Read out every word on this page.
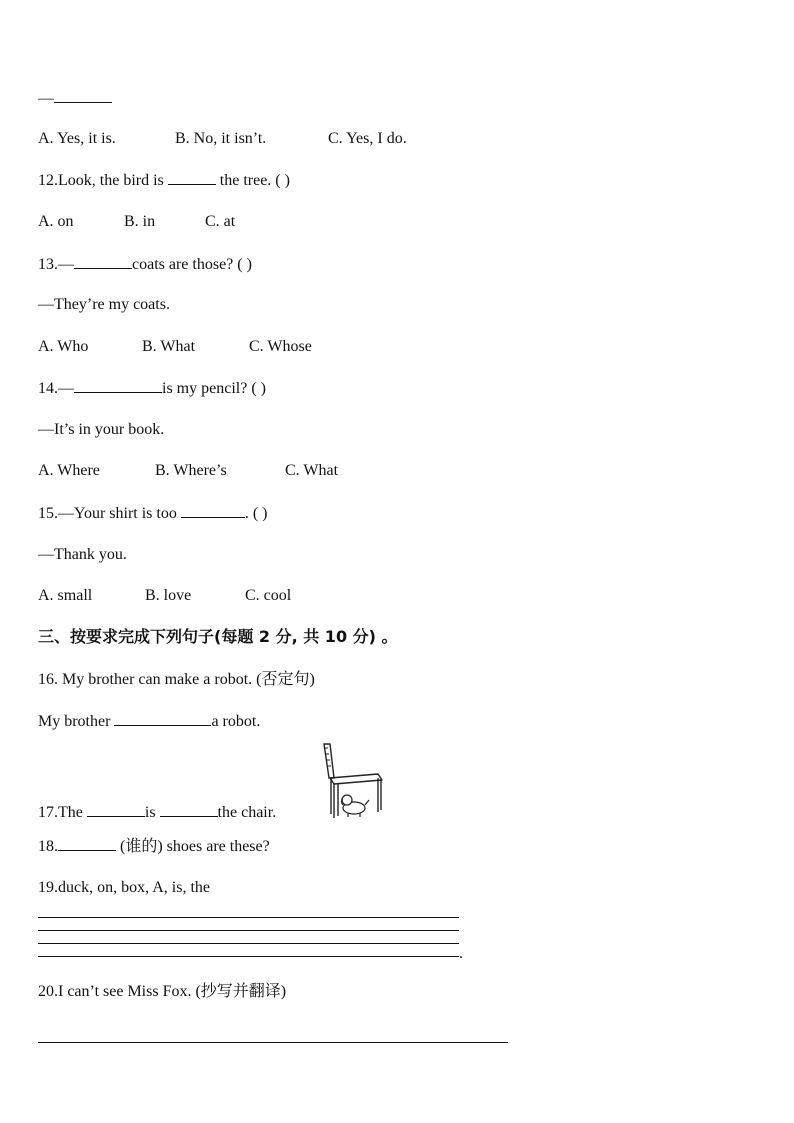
—
A. Yes, it is.	B. No, it isn’t.	C. Yes, I do.
12.Look, the bird is	the tree. ( )
A. on	B. in	C. at
13.—	coats are those? ( )
—They’re my coats.
A. Who	B. What	C. Whose
14.—	is my pencil? ( )
—It’s in your book.
A. Where	B. Where’s	C. What
15.—Your shirt is too	. ( )
—Thank you.
A. small	B. love	C. cool
三、按要求完成下列句子(每题 2 分, 共 10 分) 。
16. My brother can make a robot. (否定句)
My brother	a robot.
17.The	is	the chair.
18.	(谁的) shoes are these?
19.duck, on, box, A, is, the
.
20.I can’t see Miss Fox. (抄写并翻译)
